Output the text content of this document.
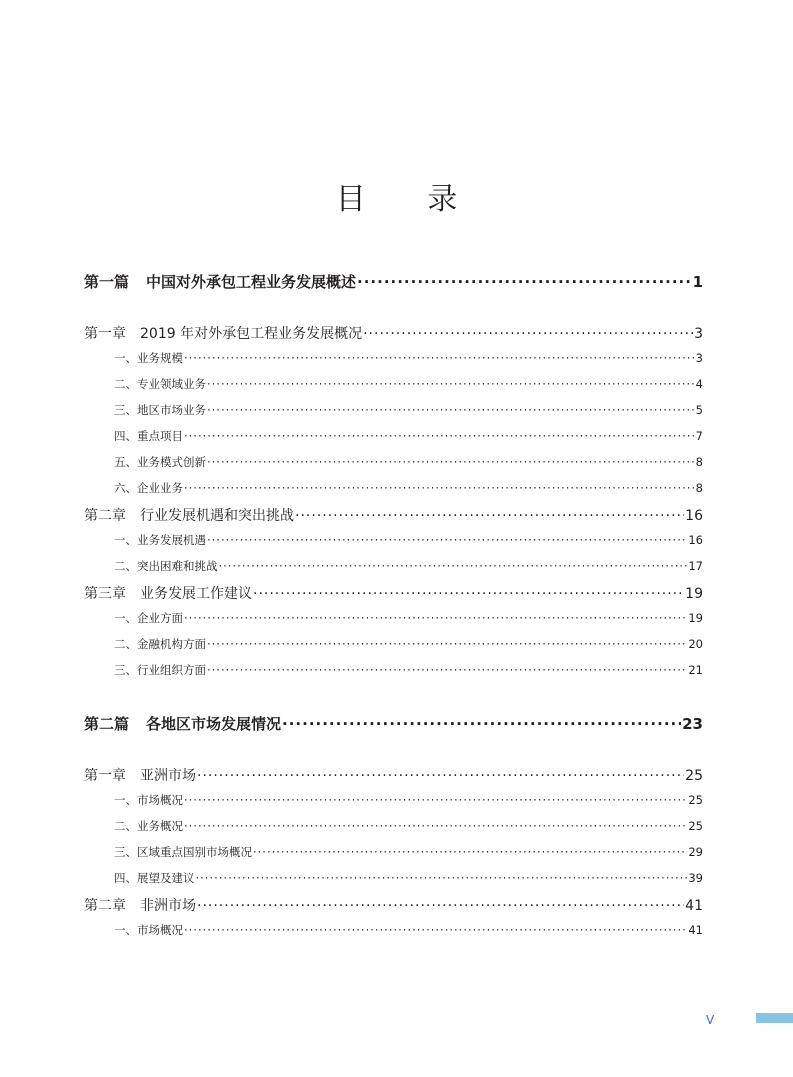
目 录
第一篇 中国对外承包工程业务发展概述 ·····	1
第一章 2019 年对外承包工程业务发展概况 ·····	3
一、业务规模 ·····	3
二、专业领域业务 ·····	4
三、地区市场业务 ·····	5
四、重点项目 ·····	7
五、业务模式创新 ·····	8
六、企业业务 ·····	8
第二章 行业发展机遇和突出挑战 ·····	16
一、业务发展机遇 ·····	16
二、突出困难和挑战 ·····	17
第三章 业务发展工作建议 ·····	19
一、企业方面 ·····	19
二、金融机构方面 ·····	20
三、行业组织方面 ·····	21
第二篇 各地区市场发展情况 ·····	23
第一章 亚洲市场 ·····	25
一、市场概况 ·····	25
二、业务概况 ·····	25
三、区域重点国别市场概况 ·····	29
四、展望及建议 ·····	39
第二章 非洲市场 ·····	41
一、市场概况 ·····	41
V
